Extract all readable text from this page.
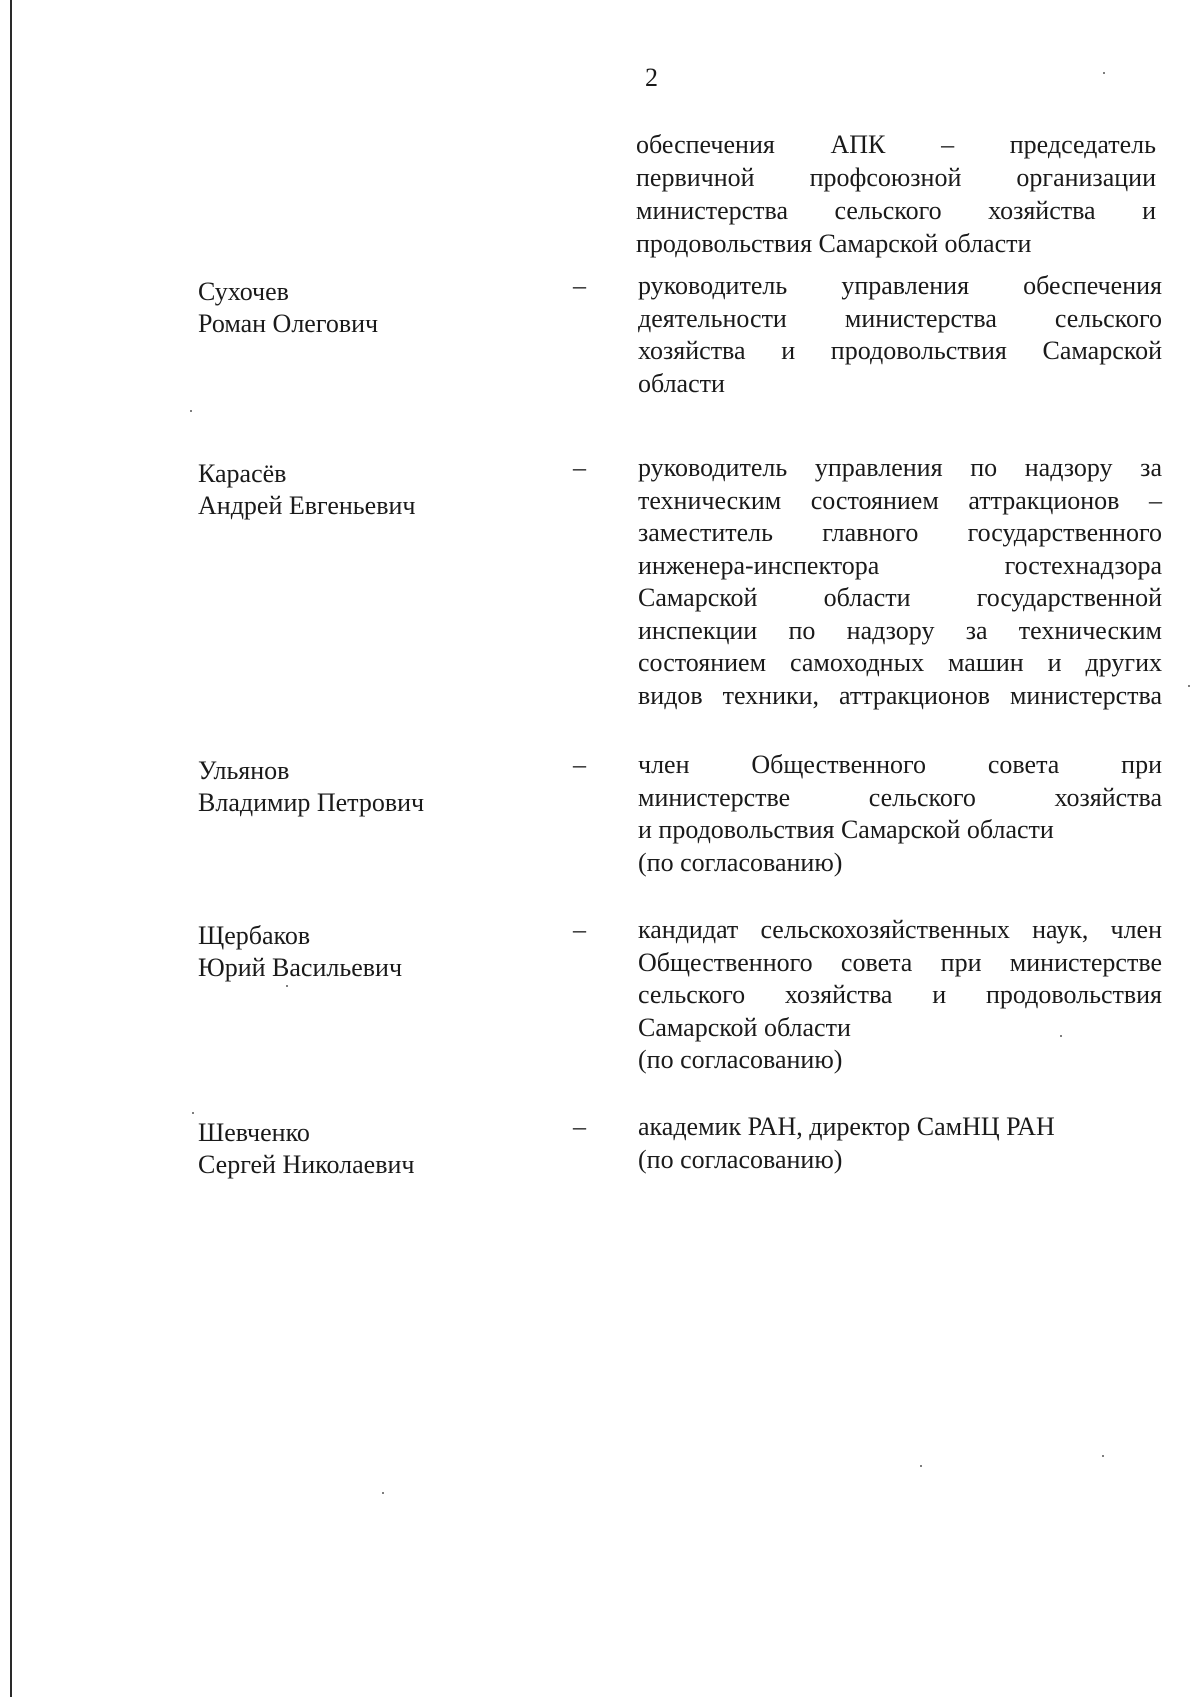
2
обеспечения АПК – председатель
первичной профсоюзной организации
министерства сельского хозяйства и
продовольствия Самарской области
Сухочев
Роман Олегович
– руководитель управления обеспечения
деятельности министерства сельского
хозяйства и продовольствия Самарской
области
Карасёв
Андрей Евгеньевич
– руководитель управления по надзору за
техническим состоянием аттракционов –
заместитель главного государственного
инженера-инспектора гостехнадзора
Самарской области государственной
инспекции по надзору за техническим
состоянием самоходных машин и других
видов техники, аттракционов министерства
Ульянов
Владимир Петрович
– член Общественного совета при
министерстве сельского хозяйства
и продовольствия Самарской области
(по согласованию)
Щербаков
Юрий Васильевич
– кандидат сельскохозяйственных наук, член
Общественного совета при министерстве
сельского хозяйства и продовольствия
Самарской области
(по согласованию)
Шевченко
Сергей Николаевич
– академик РАН, директор СамНЦ РАН
(по согласованию)
